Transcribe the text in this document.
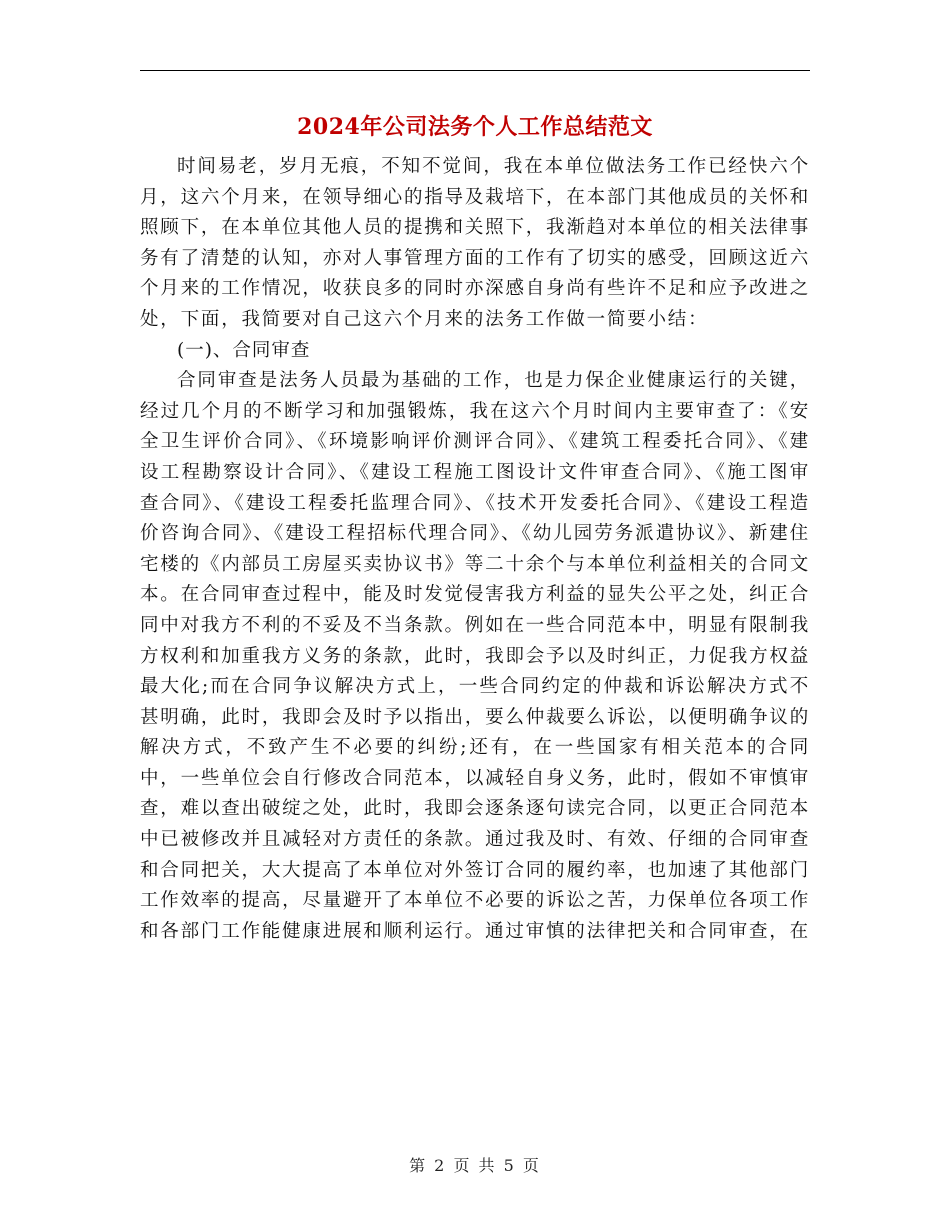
2024年公司法务个人工作总结范文

时间易老，岁月无痕，不知不觉间，我在本单位做法务工作已经快六个月，这六个月来，在领导细心的指导及栽培下，在本部门其他成员的关怀和照顾下，在本单位其他人员的提携和关照下，我渐趋对本单位的相关法律事务有了清楚的认知，亦对人事管理方面的工作有了切实的感受，回顾这近六个月来的工作情况，收获良多的同时亦深感自身尚有些许不足和应予改进之处，下面，我简要对自己这六个月来的法务工作做一简要小结：

(一)、合同审查

合同审查是法务人员最为基础的工作，也是力保企业健康运行的关键，经过几个月的不断学习和加强锻炼，我在这六个月时间内主要审查了：《安全卫生评价合同》、《环境影响评价测评合同》、《建筑工程委托合同》、《建设工程勘察设计合同》、《建设工程施工图设计文件审查合同》、《施工图审查合同》、《建设工程委托监理合同》、《技术开发委托合同》、《建设工程造价咨询合同》、《建设工程招标代理合同》、《幼儿园劳务派遣协议》、新建住宅楼的《内部员工房屋买卖协议书》等二十余个与本单位利益相关的合同文本。在合同审查过程中，能及时发觉侵害我方利益的显失公平之处，纠正合同中对我方不利的不妥及不当条款。例如在一些合同范本中，明显有限制我方权利和加重我方义务的条款，此时，我即会予以及时纠正，力促我方权益最大化;而在合同争议解决方式上，一些合同约定的仲裁和诉讼解决方式不甚明确，此时，我即会及时予以指出，要么仲裁要么诉讼，以便明确争议的解决方式，不致产生不必要的纠纷;还有，在一些国家有相关范本的合同中，一些单位会自行修改合同范本，以减轻自身义务，此时，假如不审慎审查，难以查出破绽之处，此时，我即会逐条逐句读完合同，以更正合同范本中已被修改并且减轻对方责任的条款。通过我及时、有效、仔细的合同审查和合同把关，大大提高了本单位对外签订合同的履约率，也加速了其他部门工作效率的提高，尽量避开了本单位不必要的诉讼之苦，力保单位各项工作和各部门工作能健康进展和顺利运行。通过审慎的法律把关和合同审查，在

第 2 页 共 5 页
